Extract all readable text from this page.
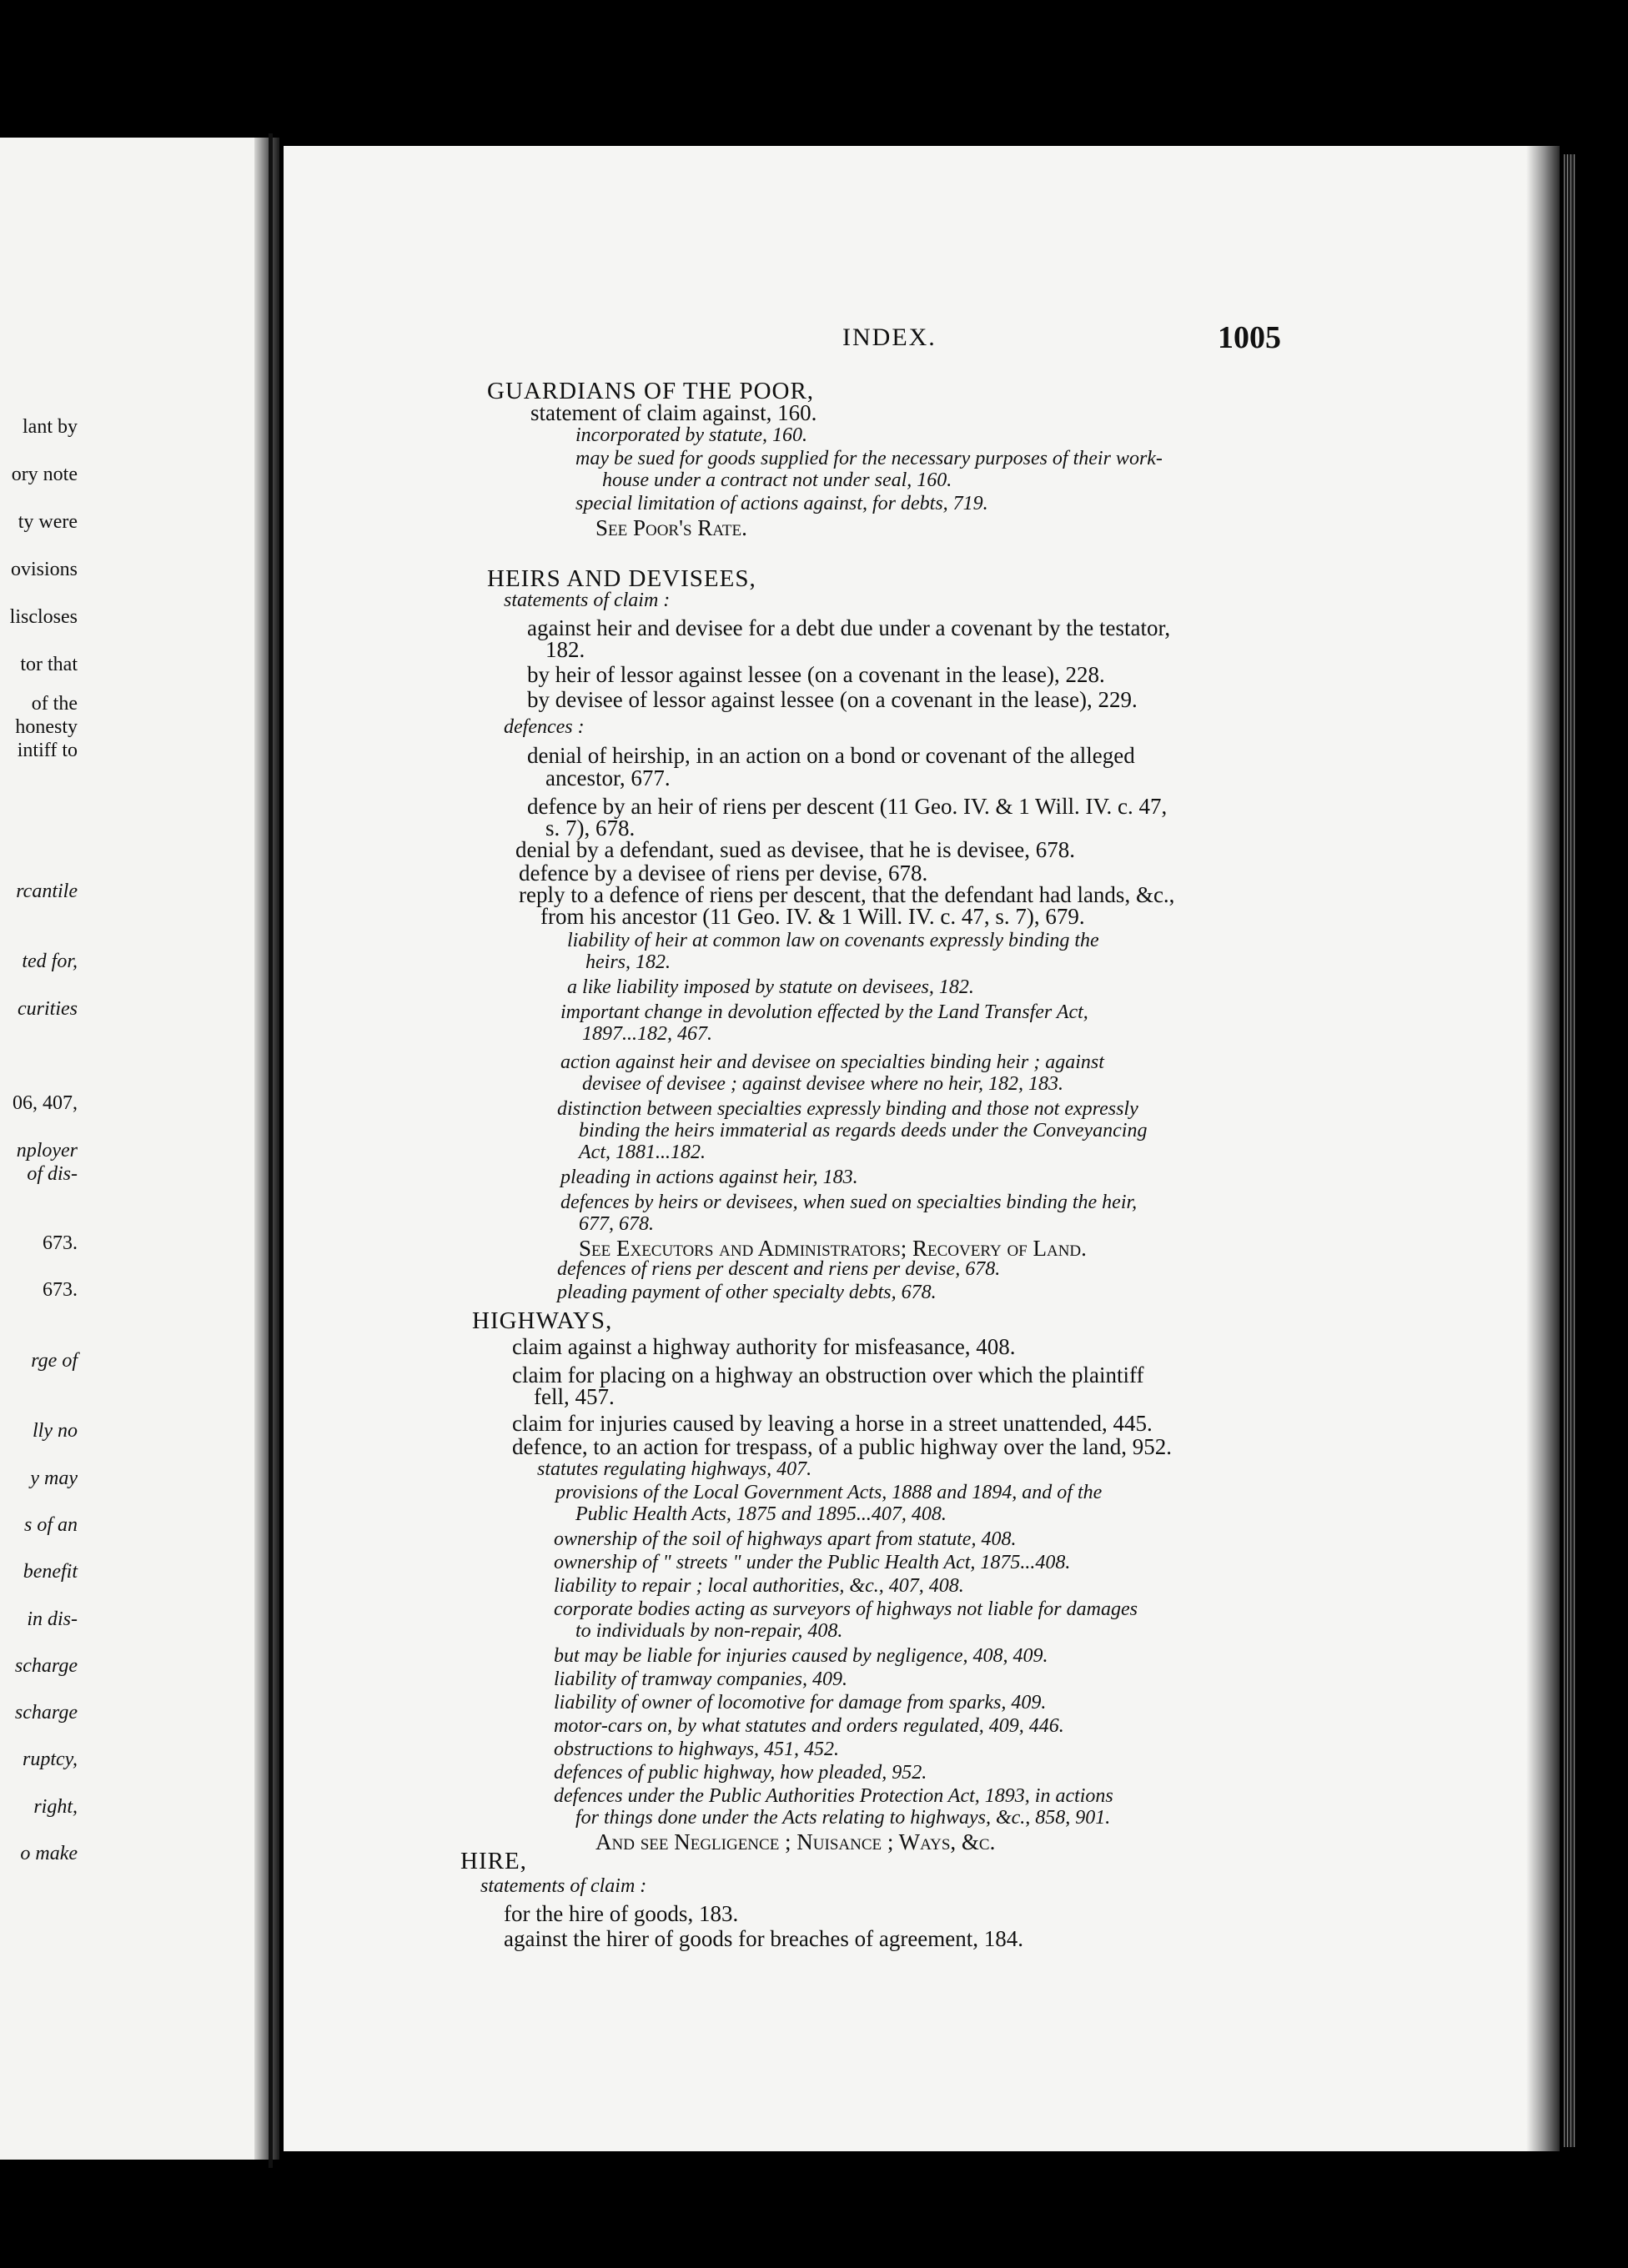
lant by
ory note
ty were
ovisions
liscloses
tor that
of the
honesty
intiff to
rcantile
ted for,
curities
06, 407,
nployer
of dis-
673.
673.
rge of
lly no
y may
s of an
benefit
in dis-
scharge
scharge
ruptcy,
right,
o make
INDEX.	1005
GUARDIANS OF THE POOR,
statement of claim against, 160.
incorporated by statute, 160.
may be sued for goods supplied for the necessary purposes of their work-
house under a contract not under seal, 160.
special limitation of actions against, for debts, 719.
See Poor's Rate.
HEIRS AND DEVISEES,
statements of claim :
against heir and devisee for a debt due under a covenant by the testator,
182.
by heir of lessor against lessee (on a covenant in the lease), 228.
by devisee of lessor against lessee (on a covenant in the lease), 229.
defences :
denial of heirship, in an action on a bond or covenant of the alleged
ancestor, 677.
defence by an heir of riens per descent (11 Geo. IV. & 1 Will. IV. c. 47,
s. 7), 678.
denial by a defendant, sued as devisee, that he is devisee, 678.
defence by a devisee of riens per devise, 678.
reply to a defence of riens per descent, that the defendant had lands, &c.,
from his ancestor (11 Geo. IV. & 1 Will. IV. c. 47, s. 7), 679.
liability of heir at common law on covenants expressly binding the
heirs, 182.
a like liability imposed by statute on devisees, 182.
important change in devolution effected by the Land Transfer Act,
1897...182, 467.
action against heir and devisee on specialties binding heir ; against
devisee of devisee ; against devisee where no heir, 182, 183.
distinction between specialties expressly binding and those not expressly
binding the heirs immaterial as regards deeds under the Conveyancing
Act, 1881...182.
pleading in actions against heir, 183.
defences by heirs or devisees, when sued on specialties binding the heir,
677, 678.
See Executors and Administrators; Recovery of Land.
defences of riens per descent and riens per devise, 678.
pleading payment of other specialty debts, 678.
HIGHWAYS,
claim against a highway authority for misfeasance, 408.
claim for placing on a highway an obstruction over which the plaintiff
fell, 457.
claim for injuries caused by leaving a horse in a street unattended, 445.
defence, to an action for trespass, of a public highway over the land, 952.
statutes regulating highways, 407.
provisions of the Local Government Acts, 1888 and 1894, and of the
Public Health Acts, 1875 and 1895...407, 408.
ownership of the soil of highways apart from statute, 408.
ownership of " streets " under the Public Health Act, 1875...408.
liability to repair ; local authorities, &c., 407, 408.
corporate bodies acting as surveyors of highways not liable for damages
to individuals by non-repair, 408.
but may be liable for injuries caused by negligence, 408, 409.
liability of tramway companies, 409.
liability of owner of locomotive for damage from sparks, 409.
motor-cars on, by what statutes and orders regulated, 409, 446.
obstructions to highways, 451, 452.
defences of public highway, how pleaded, 952.
defences under the Public Authorities Protection Act, 1893, in actions
for things done under the Acts relating to highways, &c., 858, 901.
And see Negligence ; Nuisance ; Ways, &c.
HIRE,
statements of claim :
for the hire of goods, 183.
against the hirer of goods for breaches of agreement, 184.
